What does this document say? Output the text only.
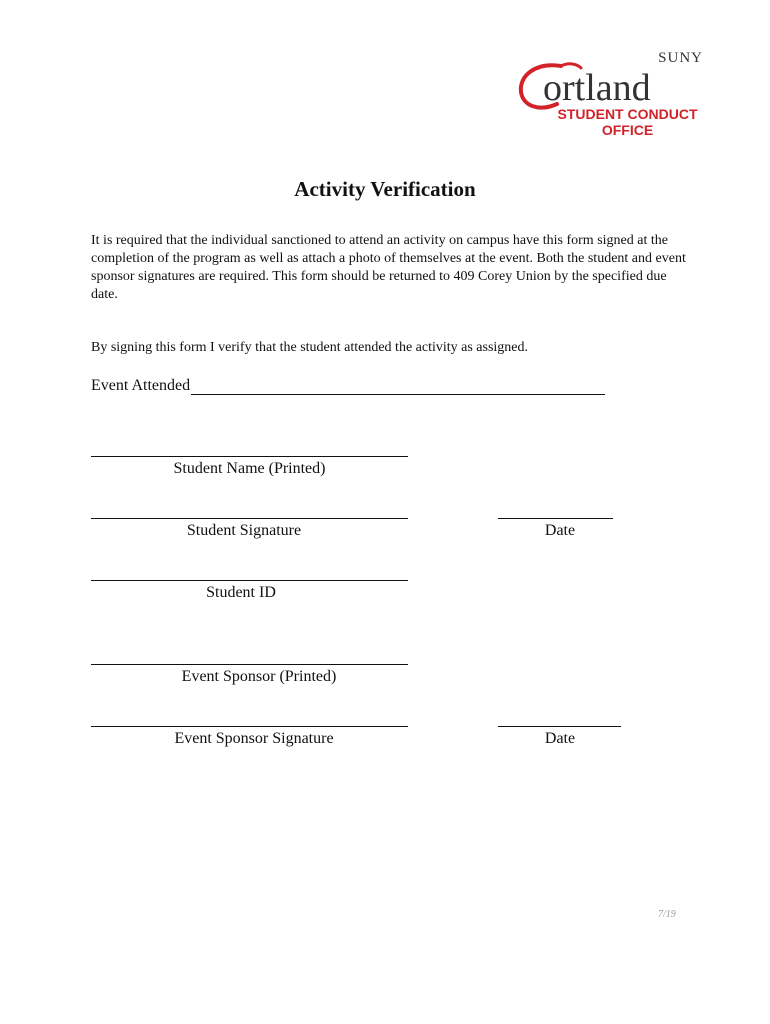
SUNY
ortland
STUDENT CONDUCT
OFFICE
Activity Verification
It is required that the individual sanctioned to attend an activity on campus have this form signed at the completion of the program as well as attach a photo of themselves at the event. Both the student and event sponsor signatures are required. This form should be returned to 409 Corey Union by the specified due date.
By signing this form I verify that the student attended the activity as assigned.
Event Attended
Student Name (Printed)
Student Signature	Date
Student ID
Event Sponsor (Printed)
Event Sponsor Signature	Date
7/19
